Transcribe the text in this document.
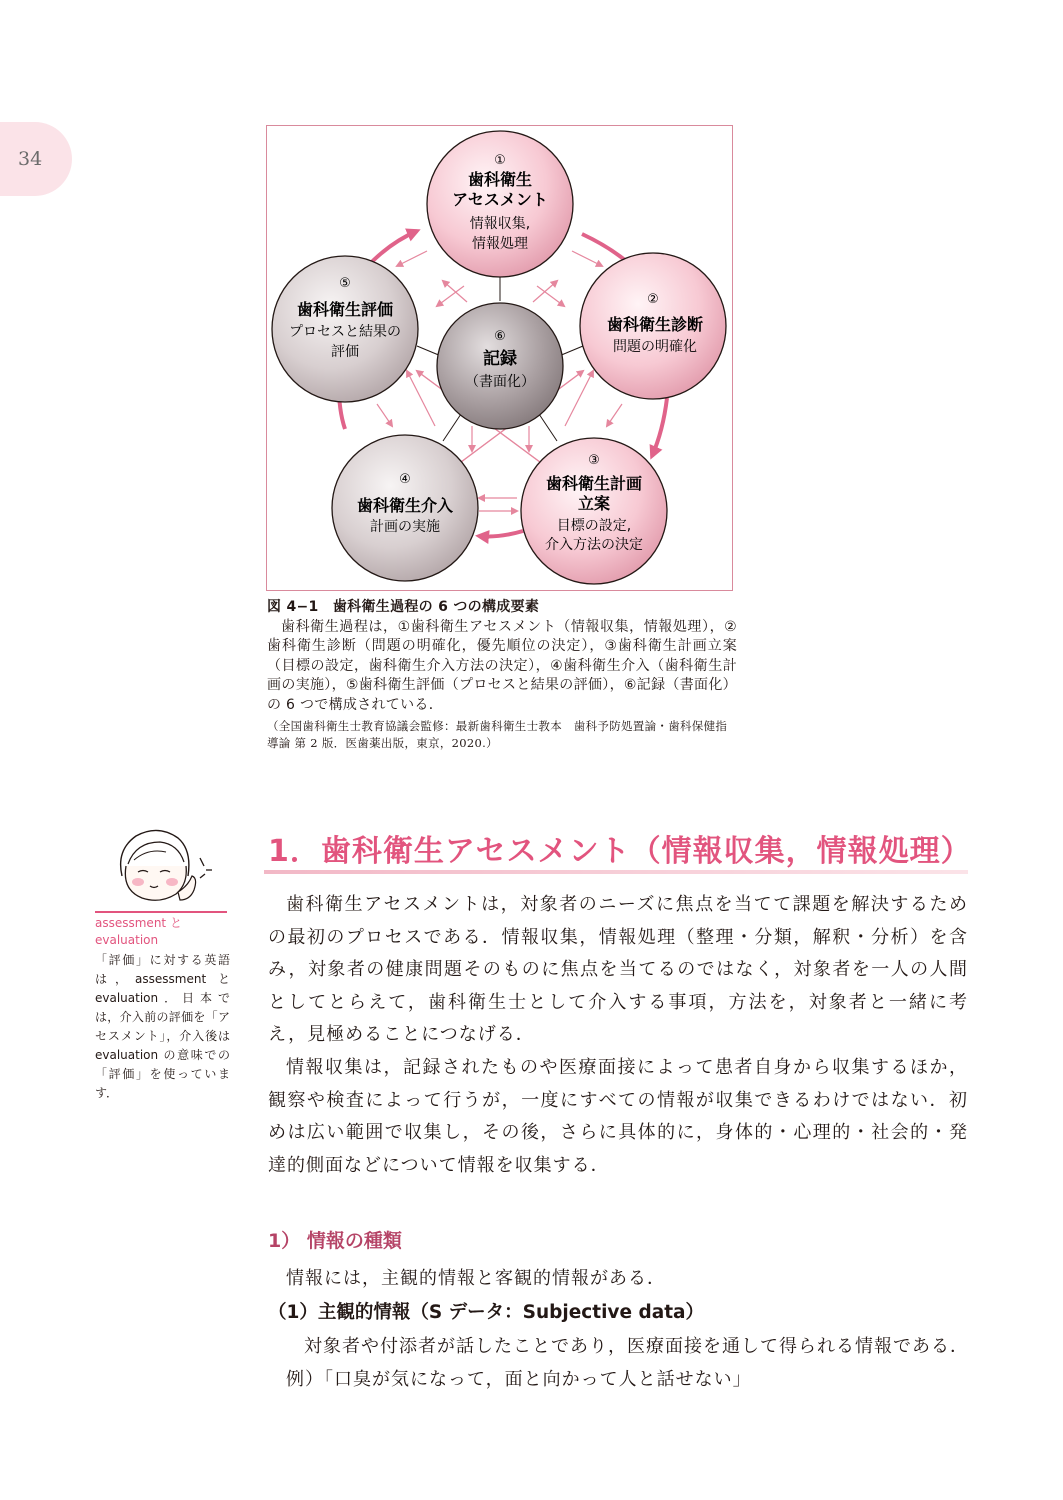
34	①
歯科衛生
アセスメント
情報収集,
情報処理
②
歯科衛生診断
問題の明確化
③
歯科衛生計画
立案
目標の設定,
介入方法の決定
④
歯科衛生介入
計画の実施
⑤
歯科衛生評価
プロセスと結果の
評価
⑥
記録
（書面化）
図 4−1　歯科衛生過程の 6 つの構成要素
歯科衛生過程は，①歯科衛生アセスメント（情報収集，情報処理），②歯科衛生診断（問題の明確化，優先順位の決定），③歯科衛生計画立案（目標の設定，歯科衛生介入方法の決定），④歯科衛生介入（歯科衛生計画の実施），⑤歯科衛生評価（プロセスと結果の評価），⑥記録（書面化）の 6 つで構成されている．
（全国歯科衛生士教育協議会監修：最新歯科衛生士教本　歯科予防処置論・歯科保健指導論 第 2 版．医歯薬出版，東京，2020.）
assessment と evaluation
「評価」に対する英語は，assessment と evaluation．日本では，介入前の評価を「アセスメント」，介入後は evaluation の意味での「評価」を使っています．
1．歯科衛生アセスメント（情報収集，情報処理）

歯科衛生アセスメントは，対象者のニーズに焦点を当てて課題を解決するための最初のプロセスである．情報収集，情報処理（整理・分類，解釈・分析）を含み，対象者の健康問題そのものに焦点を当てるのではなく，対象者を一人の人間としてとらえて，歯科衛生士として介入する事項，方法を，対象者と一緒に考え，見極めることにつなげる．

情報収集は，記録されたものや医療面接によって患者自身から収集するほか，観察や検査によって行うが，一度にすべての情報が収集できるわけではない．初めは広い範囲で収集し，その後，さらに具体的に，身体的・心理的・社会的・発達的側面などについて情報を収集する．

1） 情報の種類
情報には，主観的情報と客観的情報がある．
（1）主観的情報（S データ：Subjective data）
対象者や付添者が話したことであり，医療面接を通して得られる情報である．
例）「口臭が気になって，面と向かって人と話せない」
